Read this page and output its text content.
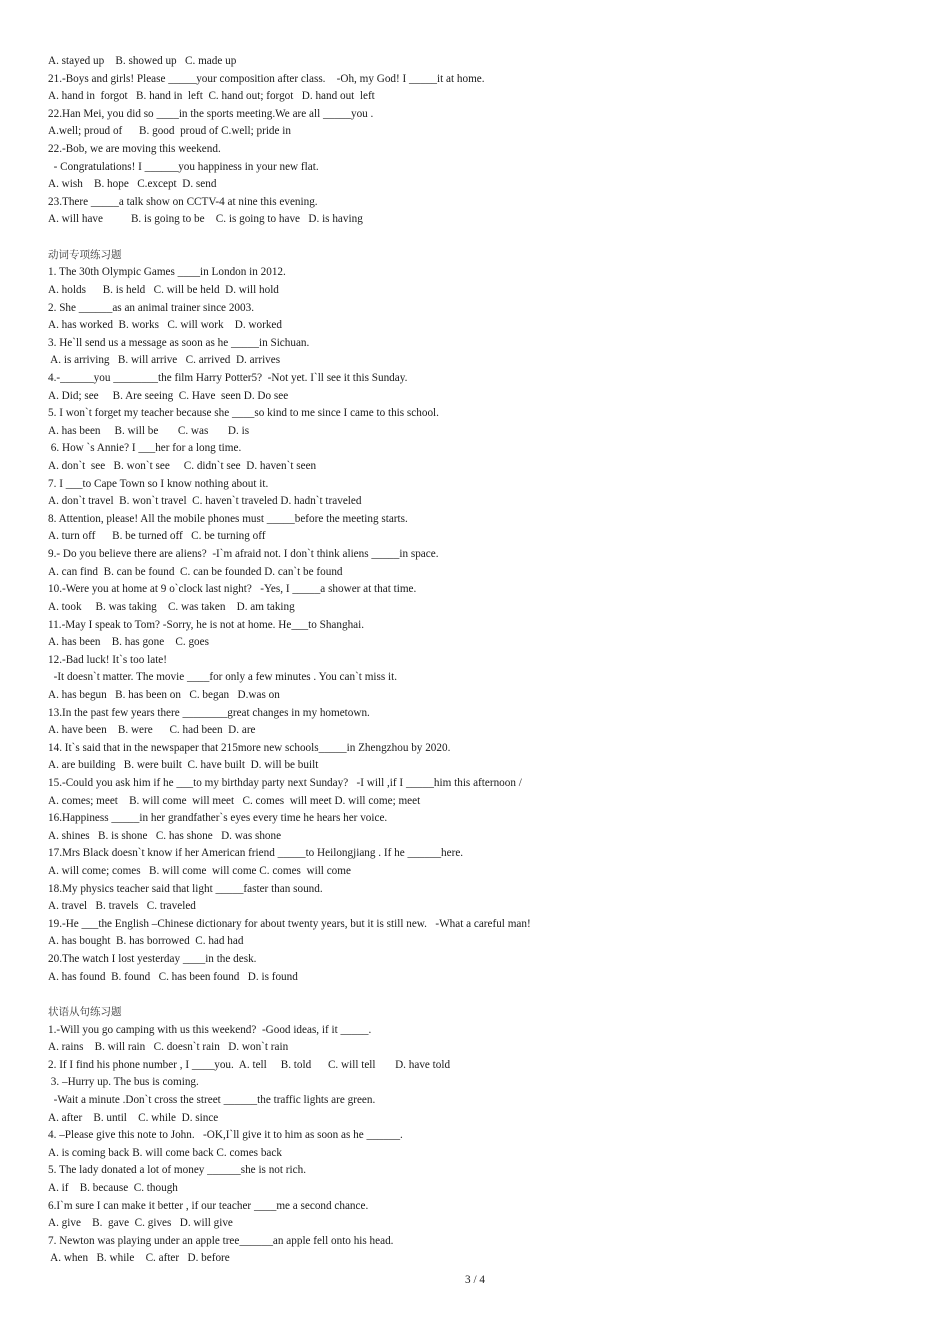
A. stayed up    B. showed up   C. made up
21.-Boys and girls! Please _____your composition after class.    -Oh, my God! I _____it at home.
A. hand in  forgot   B. hand in  left  C. hand out; forgot   D. hand out  left
22.Han Mei, you did so ____in the sports meeting.We are all _____you .
A.well; proud of      B. good  proud of C.well; pride in
22.-Bob, we are moving this weekend.
- Congratulations! I ______you happiness in your new flat.
A. wish    B. hope   C.except  D. send
23.There _____a talk show on CCTV-4 at nine this evening.
A. will have          B. is going to be    C. is going to have   D. is having
动词专项练习题
1. The 30th Olympic Games ____in London in 2012.
A. holds      B. is held   C. will be held  D. will hold
2. She ______as an animal trainer since 2003.
A. has worked  B. works   C. will work    D. worked
3. He`ll send us a message as soon as he _____in Sichuan.
A. is arriving   B. will arrive   C. arrived  D. arrives
4.-______you ________the film Harry Potter5?  -Not yet. I`ll see it this Sunday.
A. Did; see     B. Are seeing  C. Have  seen D. Do see
5. I won`t forget my teacher because she ____so kind to me since I came to this school.
A. has been     B. will be       C. was       D. is
6. How `s Annie? I ___her for a long time.
A. don`t  see   B. won`t see     C. didn`t see  D. haven`t seen
7. I ___to Cape Town so I know nothing about it.
A. don`t travel  B. won`t travel  C. haven`t traveled D. hadn`t traveled
8. Attention, please! All the mobile phones must _____before the meeting starts.
A. turn off      B. be turned off   C. be turning off
9.- Do you believe there are aliens?  -I`m afraid not. I don`t think aliens _____in space.
A. can find  B. can be found  C. can be founded D. can`t be found
10.-Were you at home at 9 o`clock last night?   -Yes, I _____a shower at that time.
A. took     B. was taking    C. was taken    D. am taking
11.-May I speak to Tom? -Sorry, he is not at home. He___to Shanghai.
A. has been    B. has gone    C. goes
12.-Bad luck! It`s too late!
-It doesn`t matter. The movie ____for only a few minutes . You can`t miss it.
A. has begun   B. has been on   C. began   D.was on
13.In the past few years there ________great changes in my hometown.
A. have been    B. were      C. had been  D. are
14. It`s said that in the newspaper that 215more new schools_____in Zhengzhou by 2020.
A. are building   B. were built  C. have built  D. will be built
15.-Could you ask him if he ___to my birthday party next Sunday?   -I will ,if I _____him this afternoon /
A. comes; meet    B. will come  will meet   C. comes  will meet D. will come; meet
16.Happiness _____in her grandfather`s eyes every time he hears her voice.
A. shines   B. is shone   C. has shone   D. was shone
17.Mrs Black doesn`t know if her American friend _____to Heilongjiang . If he ______here.
A. will come; comes   B. will come  will come C. comes  will come
18.My physics teacher said that light _____faster than sound.
A. travel   B. travels   C. traveled
19.-He ___the English –Chinese dictionary for about twenty years, but it is still new.   -What a careful man!
A. has bought  B. has borrowed  C. had had
20.The watch I lost yesterday ____in the desk.
A. has found  B. found   C. has been found   D. is found
状语从句练习题
1.-Will you go camping with us this weekend?  -Good ideas, if it _____.
A. rains    B. will rain   C. doesn`t rain   D. won`t rain
2. If I find his phone number , I ____you.  A. tell     B. told      C. will tell       D. have told
3. –Hurry up. The bus is coming.
-Wait a minute .Don`t cross the street ______the traffic lights are green.
A. after    B. until    C. while  D. since
4. –Please give this note to John.   -OK,I`ll give it to him as soon as he ______.
A. is coming back B. will come back C. comes back
5. The lady donated a lot of money ______she is not rich.
A. if    B. because  C. though
6.I`m sure I can make it better , if our teacher ____me a second chance.
A. give    B.  gave  C. gives   D. will give
7. Newton was playing under an apple tree______an apple fell onto his head.
A. when   B. while    C. after   D. before
3 / 4
